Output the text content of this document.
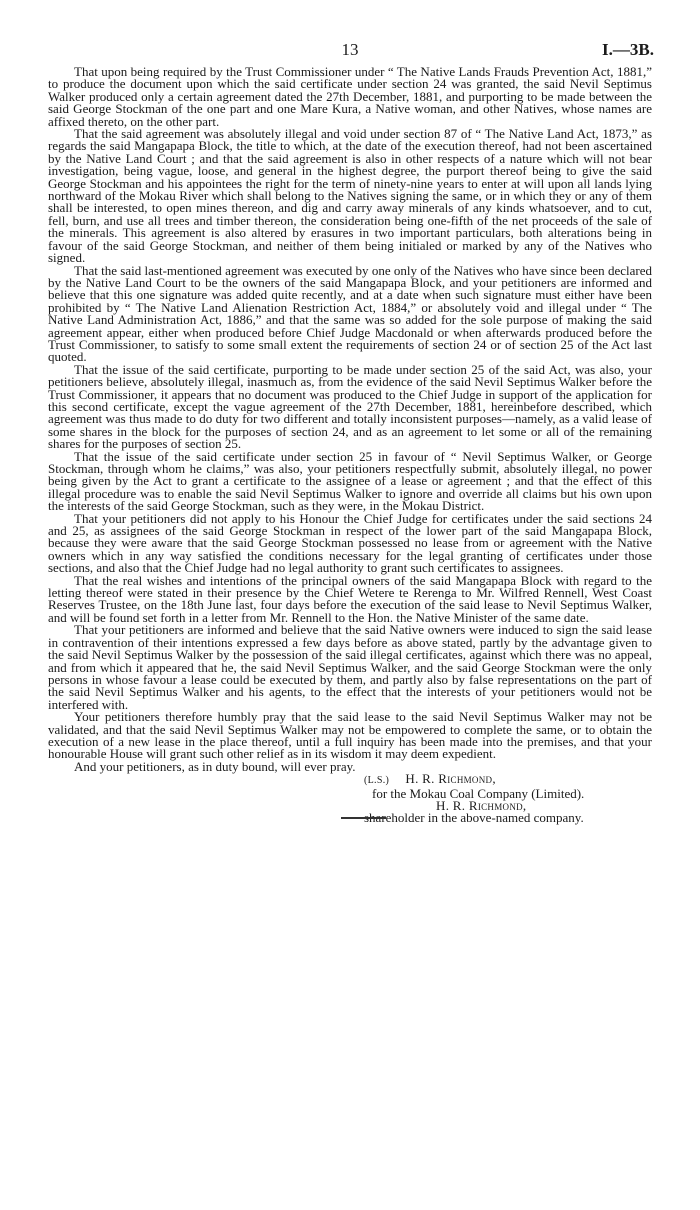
13	I.—3B.

That upon being required by the Trust Commissioner under “ The Native Lands Frauds Prevention Act, 1881,” to produce the document upon which the said certificate under section 24 was granted, the said Nevil Septimus Walker produced only a certain agreement dated the 27th December, 1881, and purporting to be made between the said George Stockman of the one part and one Mare Kura, a Native woman, and other Natives, whose names are affixed thereto, on the other part.

That the said agreement was absolutely illegal and void under section 87 of “ The Native Land Act, 1873,” as regards the said Mangapapa Block, the title to which, at the date of the execution thereof, had not been ascertained by the Native Land Court ; and that the said agreement is also in other respects of a nature which will not bear investigation, being vague, loose, and general in the highest degree, the purport thereof being to give the said George Stockman and his appointees the right for the term of ninety-nine years to enter at will upon all lands lying northward of the Mokau River which shall belong to the Natives signing the same, or in which they or any of them shall be interested, to open mines thereon, and dig and carry away minerals of any kinds whatsoever, and to cut, fell, burn, and use all trees and timber thereon, the consideration being one-fifth of the net proceeds of the sale of the minerals. This agreement is also altered by erasures in two important particulars, both alterations being in favour of the said George Stockman, and neither of them being initialed or marked by any of the Natives who signed.

That the said last-mentioned agreement was executed by one only of the Natives who have since been declared by the Native Land Court to be the owners of the said Mangapapa Block, and your petitioners are informed and believe that this one signature was added quite recently, and at a date when such signature must either have been prohibited by “ The Native Land Alienation Restriction Act, 1884,” or absolutely void and illegal under “ The Native Land Administration Act, 1886,” and that the same was so added for the sole purpose of making the said agreement appear, either when produced before Chief Judge Macdonald or when afterwards produced before the Trust Commissioner, to satisfy to some small extent the requirements of section 24 or of section 25 of the Act last quoted.

That the issue of the said certificate, purporting to be made under section 25 of the said Act, was also, your petitioners believe, absolutely illegal, inasmuch as, from the evidence of the said Nevil Septimus Walker before the Trust Commissioner, it appears that no document was produced to the Chief Judge in support of the application for this second certificate, except the vague agreement of the 27th December, 1881, hereinbefore described, which agreement was thus made to do duty for two different and totally inconsistent purposes—namely, as a valid lease of some shares in the block for the purposes of section 24, and as an agreement to let some or all of the remaining shares for the purposes of section 25.

That the issue of the said certificate under section 25 in favour of “ Nevil Septimus Walker, or George Stockman, through whom he claims,” was also, your petitioners respectfully submit, absolutely illegal, no power being given by the Act to grant a certificate to the assignee of a lease or agreement ; and that the effect of this illegal procedure was to enable the said Nevil Septimus Walker to ignore and override all claims but his own upon the interests of the said George Stockman, such as they were, in the Mokau District.

That your petitioners did not apply to his Honour the Chief Judge for certificates under the said sections 24 and 25, as assignees of the said George Stockman in respect of the lower part of the said Mangapapa Block, because they were aware that the said George Stockman possessed no lease from or agreement with the Native owners which in any way satisfied the conditions necessary for the legal granting of certificates under those sections, and also that the Chief Judge had no legal authority to grant such certificates to assignees.

That the real wishes and intentions of the principal owners of the said Mangapapa Block with regard to the letting thereof were stated in their presence by the Chief Wetere te Rerenga to Mr. Wilfred Rennell, West Coast Reserves Trustee, on the 18th June last, four days before the execution of the said lease to Nevil Septimus Walker, and will be found set forth in a letter from Mr. Rennell to the Hon. the Native Minister of the same date.

That your petitioners are informed and believe that the said Native owners were induced to sign the said lease in contravention of their intentions expressed a few days before as above stated, partly by the advantage given to the said Nevil Septimus Walker by the possession of the said illegal certificates, against which there was no appeal, and from which it appeared that he, the said Nevil Septimus Walker, and the said George Stockman were the only persons in whose favour a lease could be executed by them, and partly also by false representations on the part of the said Nevil Septimus Walker and his agents, to the effect that the interests of your petitioners would not be interfered with.

Your petitioners therefore humbly pray that the said lease to the said Nevil Septimus Walker may not be validated, and that the said Nevil Septimus Walker may not be empowered to complete the same, or to obtain the execution of a new lease in the place thereof, until a full inquiry has been made into the premises, and that your honourable House will grant such other relief as in its wisdom it may deem expedient.

And your petitioners, as in duty bound, will ever pray.

(L.S.) H. R. Richmond,
for the Mokau Coal Company (Limited).
H. R. Richmond,
shareholder in the above-named company.
